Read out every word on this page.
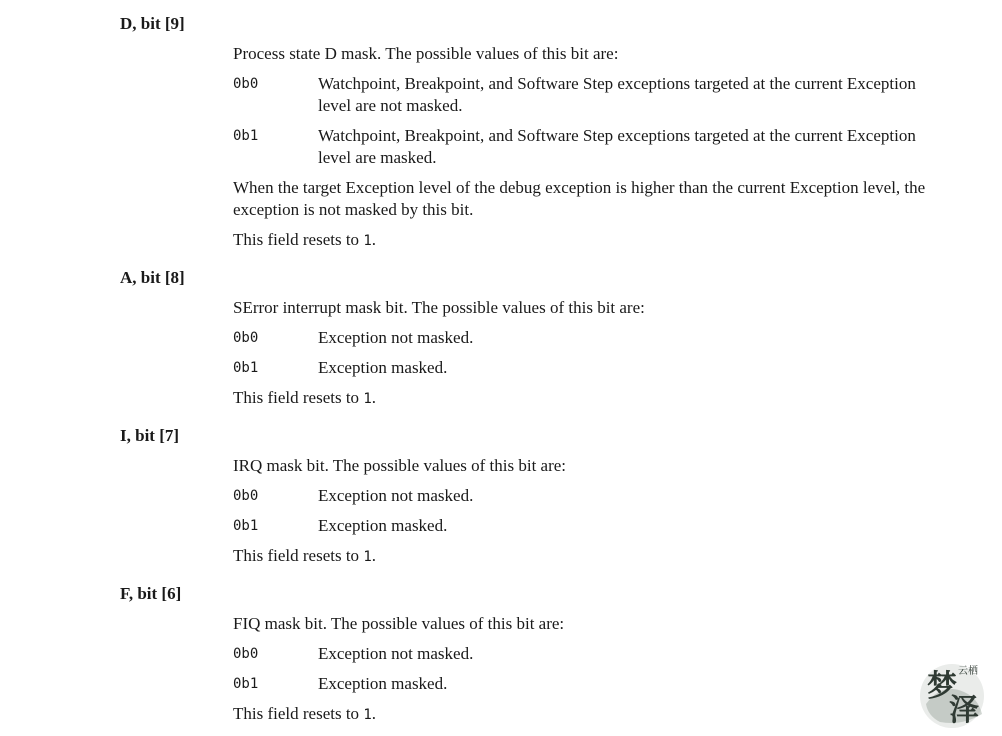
D, bit [9]
Process state D mask. The possible values of this bit are:
0b0	Watchpoint, Breakpoint, and Software Step exceptions targeted at the current Exception level are not masked.
0b1	Watchpoint, Breakpoint, and Software Step exceptions targeted at the current Exception level are masked.
When the target Exception level of the debug exception is higher than the current Exception level, the exception is not masked by this bit.
This field resets to 1.
A, bit [8]
SError interrupt mask bit. The possible values of this bit are:
0b0	Exception not masked.
0b1	Exception masked.
This field resets to 1.
I, bit [7]
IRQ mask bit. The possible values of this bit are:
0b0	Exception not masked.
0b1	Exception masked.
This field resets to 1.
F, bit [6]
FIQ mask bit. The possible values of this bit are:
0b0	Exception not masked.
0b1	Exception masked.
This field resets to 1.
梦
泽
云栖
